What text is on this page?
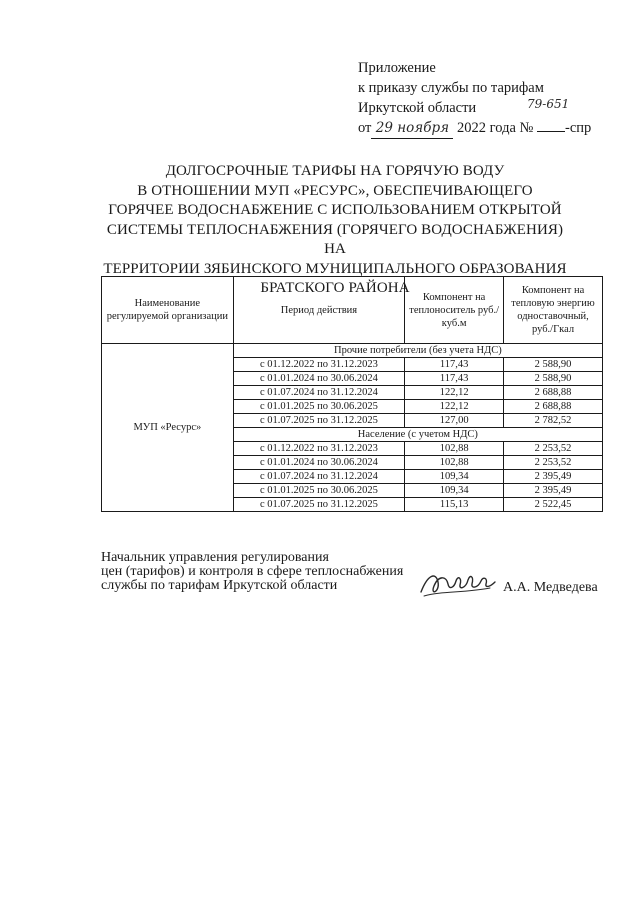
Приложение
к приказу службы по тарифам
Иркутской области
от 29 ноября 2022 года № -спр
79-651
ДОЛГОСРОЧНЫЕ ТАРИФЫ НА ГОРЯЧУЮ ВОДУ
В ОТНОШЕНИИ МУП «РЕСУРС», ОБЕСПЕЧИВАЮЩЕГО
ГОРЯЧЕЕ ВОДОСНАБЖЕНИЕ С ИСПОЛЬЗОВАНИЕМ ОТКРЫТОЙ
СИСТЕМЫ ТЕПЛОСНАБЖЕНИЯ (ГОРЯЧЕГО ВОДОСНАБЖЕНИЯ) НА
ТЕРРИТОРИИ ЗЯБИНСКОГО МУНИЦИПАЛЬНОГО ОБРАЗОВАНИЯ
БРАТСКОГО РАЙОНА
Наименование регулируемой организации	Период действия	Компонент на теплоноситель руб./куб.м	Компонент на тепловую энергию одноставочный, руб./Гкал
МУП «Ресурс»	Прочие потребители (без учета НДС)		
	с 01.12.2022 по 31.12.2023	117,43	2 588,90
	с 01.01.2024 по 30.06.2024	117,43	2 588,90
	с 01.07.2024 по 31.12.2024	122,12	2 688,88
	с 01.01.2025 по 30.06.2025	122,12	2 688,88
	с 01.07.2025 по 31.12.2025	127,00	2 782,52
	Население (с учетом НДС)		
	с 01.12.2022 по 31.12.2023	102,88	2 253,52
	с 01.01.2024 по 30.06.2024	102,88	2 253,52
	с 01.07.2024 по 31.12.2024	109,34	2 395,49
	с 01.01.2025 по 30.06.2025	109,34	2 395,49
	с 01.07.2025 по 31.12.2025	115,13	2 522,45
Начальник управления регулирования
цен (тарифов) и контроля в сфере теплоснабжения
службы по тарифам Иркутской области	А.А. Медведева
